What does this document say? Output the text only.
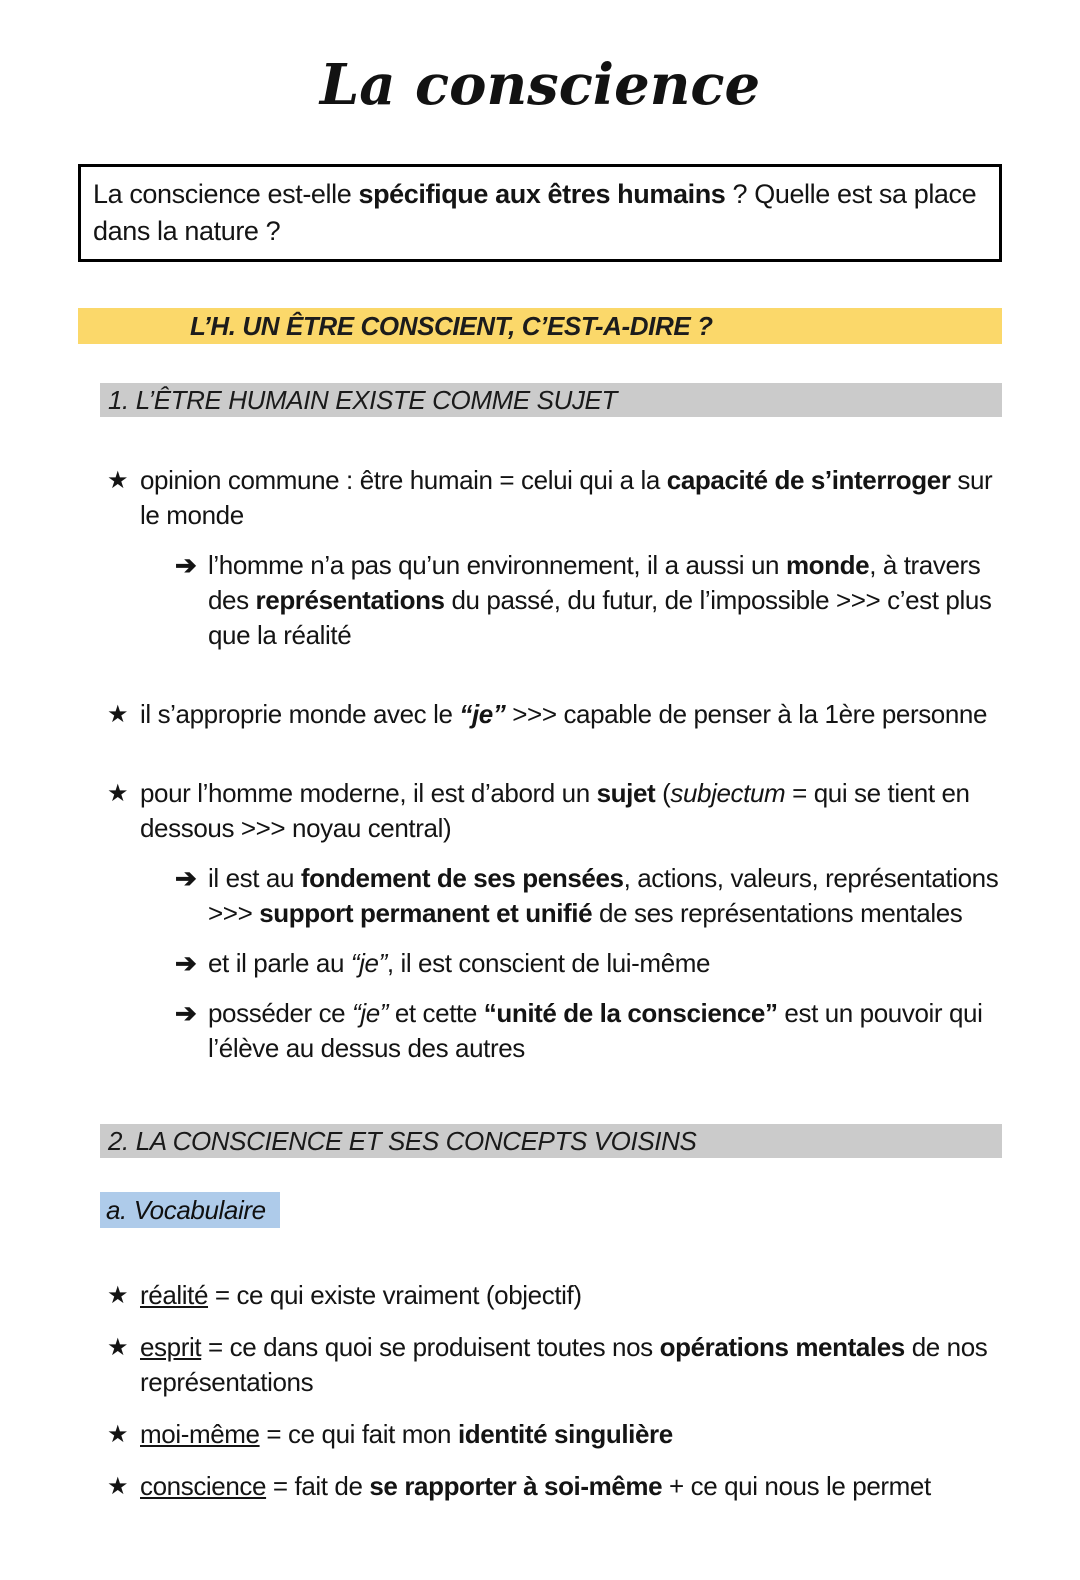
La conscience
La conscience est-elle spécifique aux êtres humains ? Quelle est sa place dans la nature ?
L’H. UN ÊTRE CONSCIENT, C’EST-A-DIRE ?
1. L’ÊTRE HUMAIN EXISTE COMME SUJET
★ opinion commune : être humain = celui qui a la capacité de s’interroger sur le monde
➔ l’homme n’a pas qu’un environnement, il a aussi un monde, à travers des représentations du passé, du futur, de l’impossible >>> c’est plus que la réalité
★ il s’approprie monde avec le “je” >>> capable de penser à la 1ère personne
★ pour l’homme moderne, il est d’abord un sujet (subjectum = qui se tient en dessous >>> noyau central)
➔ il est au fondement de ses pensées, actions, valeurs, représentations >>> support permanent et unifié de ses représentations mentales
➔ et il parle au “je”, il est conscient de lui-même
➔ posséder ce “je” et cette “unité de la conscience” est un pouvoir qui l’élève au dessus des autres
2. LA CONSCIENCE ET SES CONCEPTS VOISINS
a. Vocabulaire
★ réalité = ce qui existe vraiment (objectif)
★ esprit = ce dans quoi se produisent toutes nos opérations mentales de nos représentations
★ moi-même = ce qui fait mon identité singulière
★ conscience = fait de se rapporter à soi-même + ce qui nous le permet
